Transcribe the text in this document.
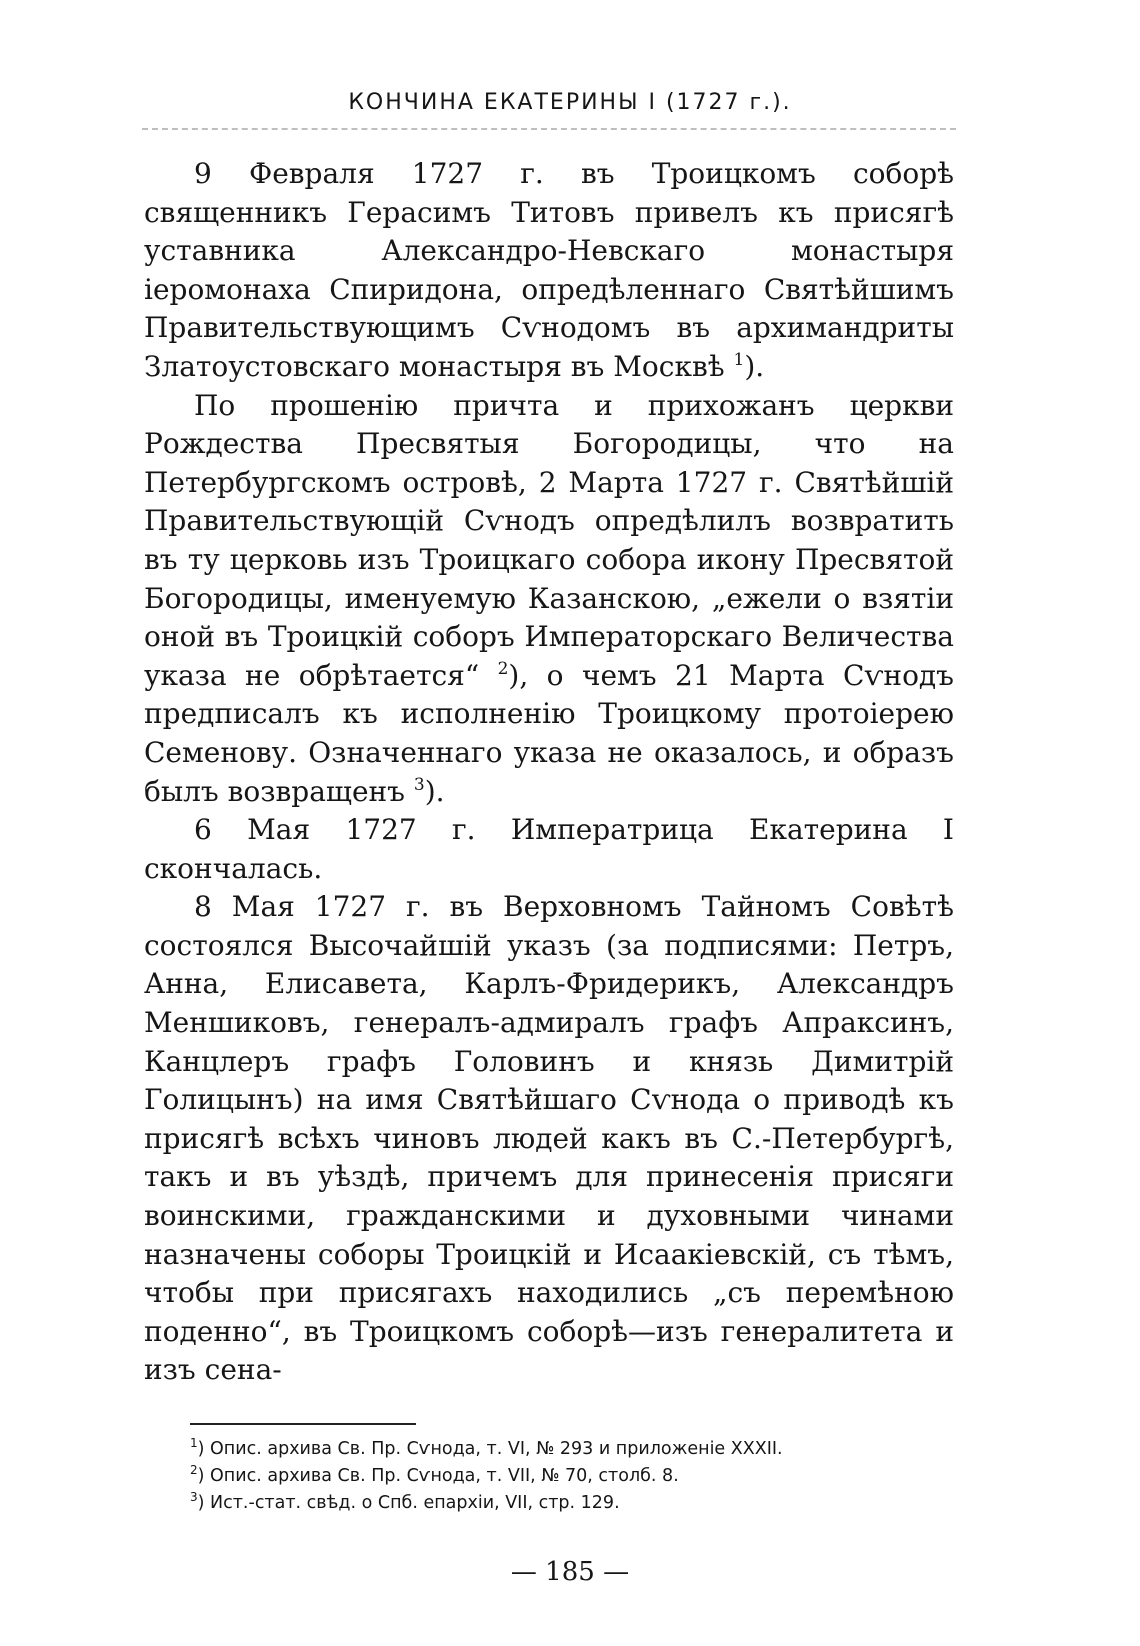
КОНЧИНА ЕКАТЕРИНЫ I (1727 г.).

9 Февраля 1727 г. въ Троицкомъ соборѣ священникъ Герасимъ Титовъ привелъ къ присягѣ уставника Александро-Невскаго монастыря іеромонаха Спиридона, опредѣленнаго Святѣйшимъ Правительствующимъ Сѵнодомъ въ архимандриты Златоустовскаго монастыря въ Москвѣ $^1$).

По прошенію причта и прихожанъ церкви Рождества Пресвятыя Богородицы, что на Петербургскомъ островѣ, 2 Марта 1727 г. Святѣйшій Правительствующій Сѵнодъ опредѣлилъ возвратить въ ту церковь изъ Троицкаго собора икону Пресвятой Богородицы, именуемую Казанскою, „ежели о взятіи оной въ Троицкій соборъ Императорскаго Величества указа не обрѣтается“ $^2$), о чемъ 21 Марта Сѵнодъ предписалъ къ исполненію Троицкому протоіерею Семенову. Означеннаго указа не оказалось, и образъ былъ возвращенъ $^3$).

6 Мая 1727 г. Императрица Екатерина I скончалась.

8 Мая 1727 г. въ Верховномъ Тайномъ Совѣтѣ состоялся Высочайшій указъ (за подписями: Петръ, Анна, Елисавета, Карлъ-Фридерикъ, Александръ Меншиковъ, генералъ-адмиралъ графъ Апраксинъ, Канцлеръ графъ Головинъ и князь Димитрій Голицынъ) на имя Святѣйшаго Сѵнода о приводѣ къ присягѣ всѣхъ чиновъ людей какъ въ С.-Петербургѣ, такъ и въ уѣздѣ, причемъ для принесенія присяги воинскими, гражданскими и духовными чинами назначены соборы Троицкій и Исаакіевскій, съ тѣмъ, чтобы при присягахъ находились „съ перемѣною поденно“, въ Троицкомъ соборѣ—изъ генералитета и изъ сена-

$^1$) Опис. архива Св. Пр. Сѵнода, т. VI, № 293 и приложеніе XXXII.
$^2$) Опис. архива Св. Пр. Сѵнода, т. VII, № 70, столб. 8.
$^3$) Ист.-стат. свѣд. о Спб. епархіи, VII, стр. 129.
— 185 —
